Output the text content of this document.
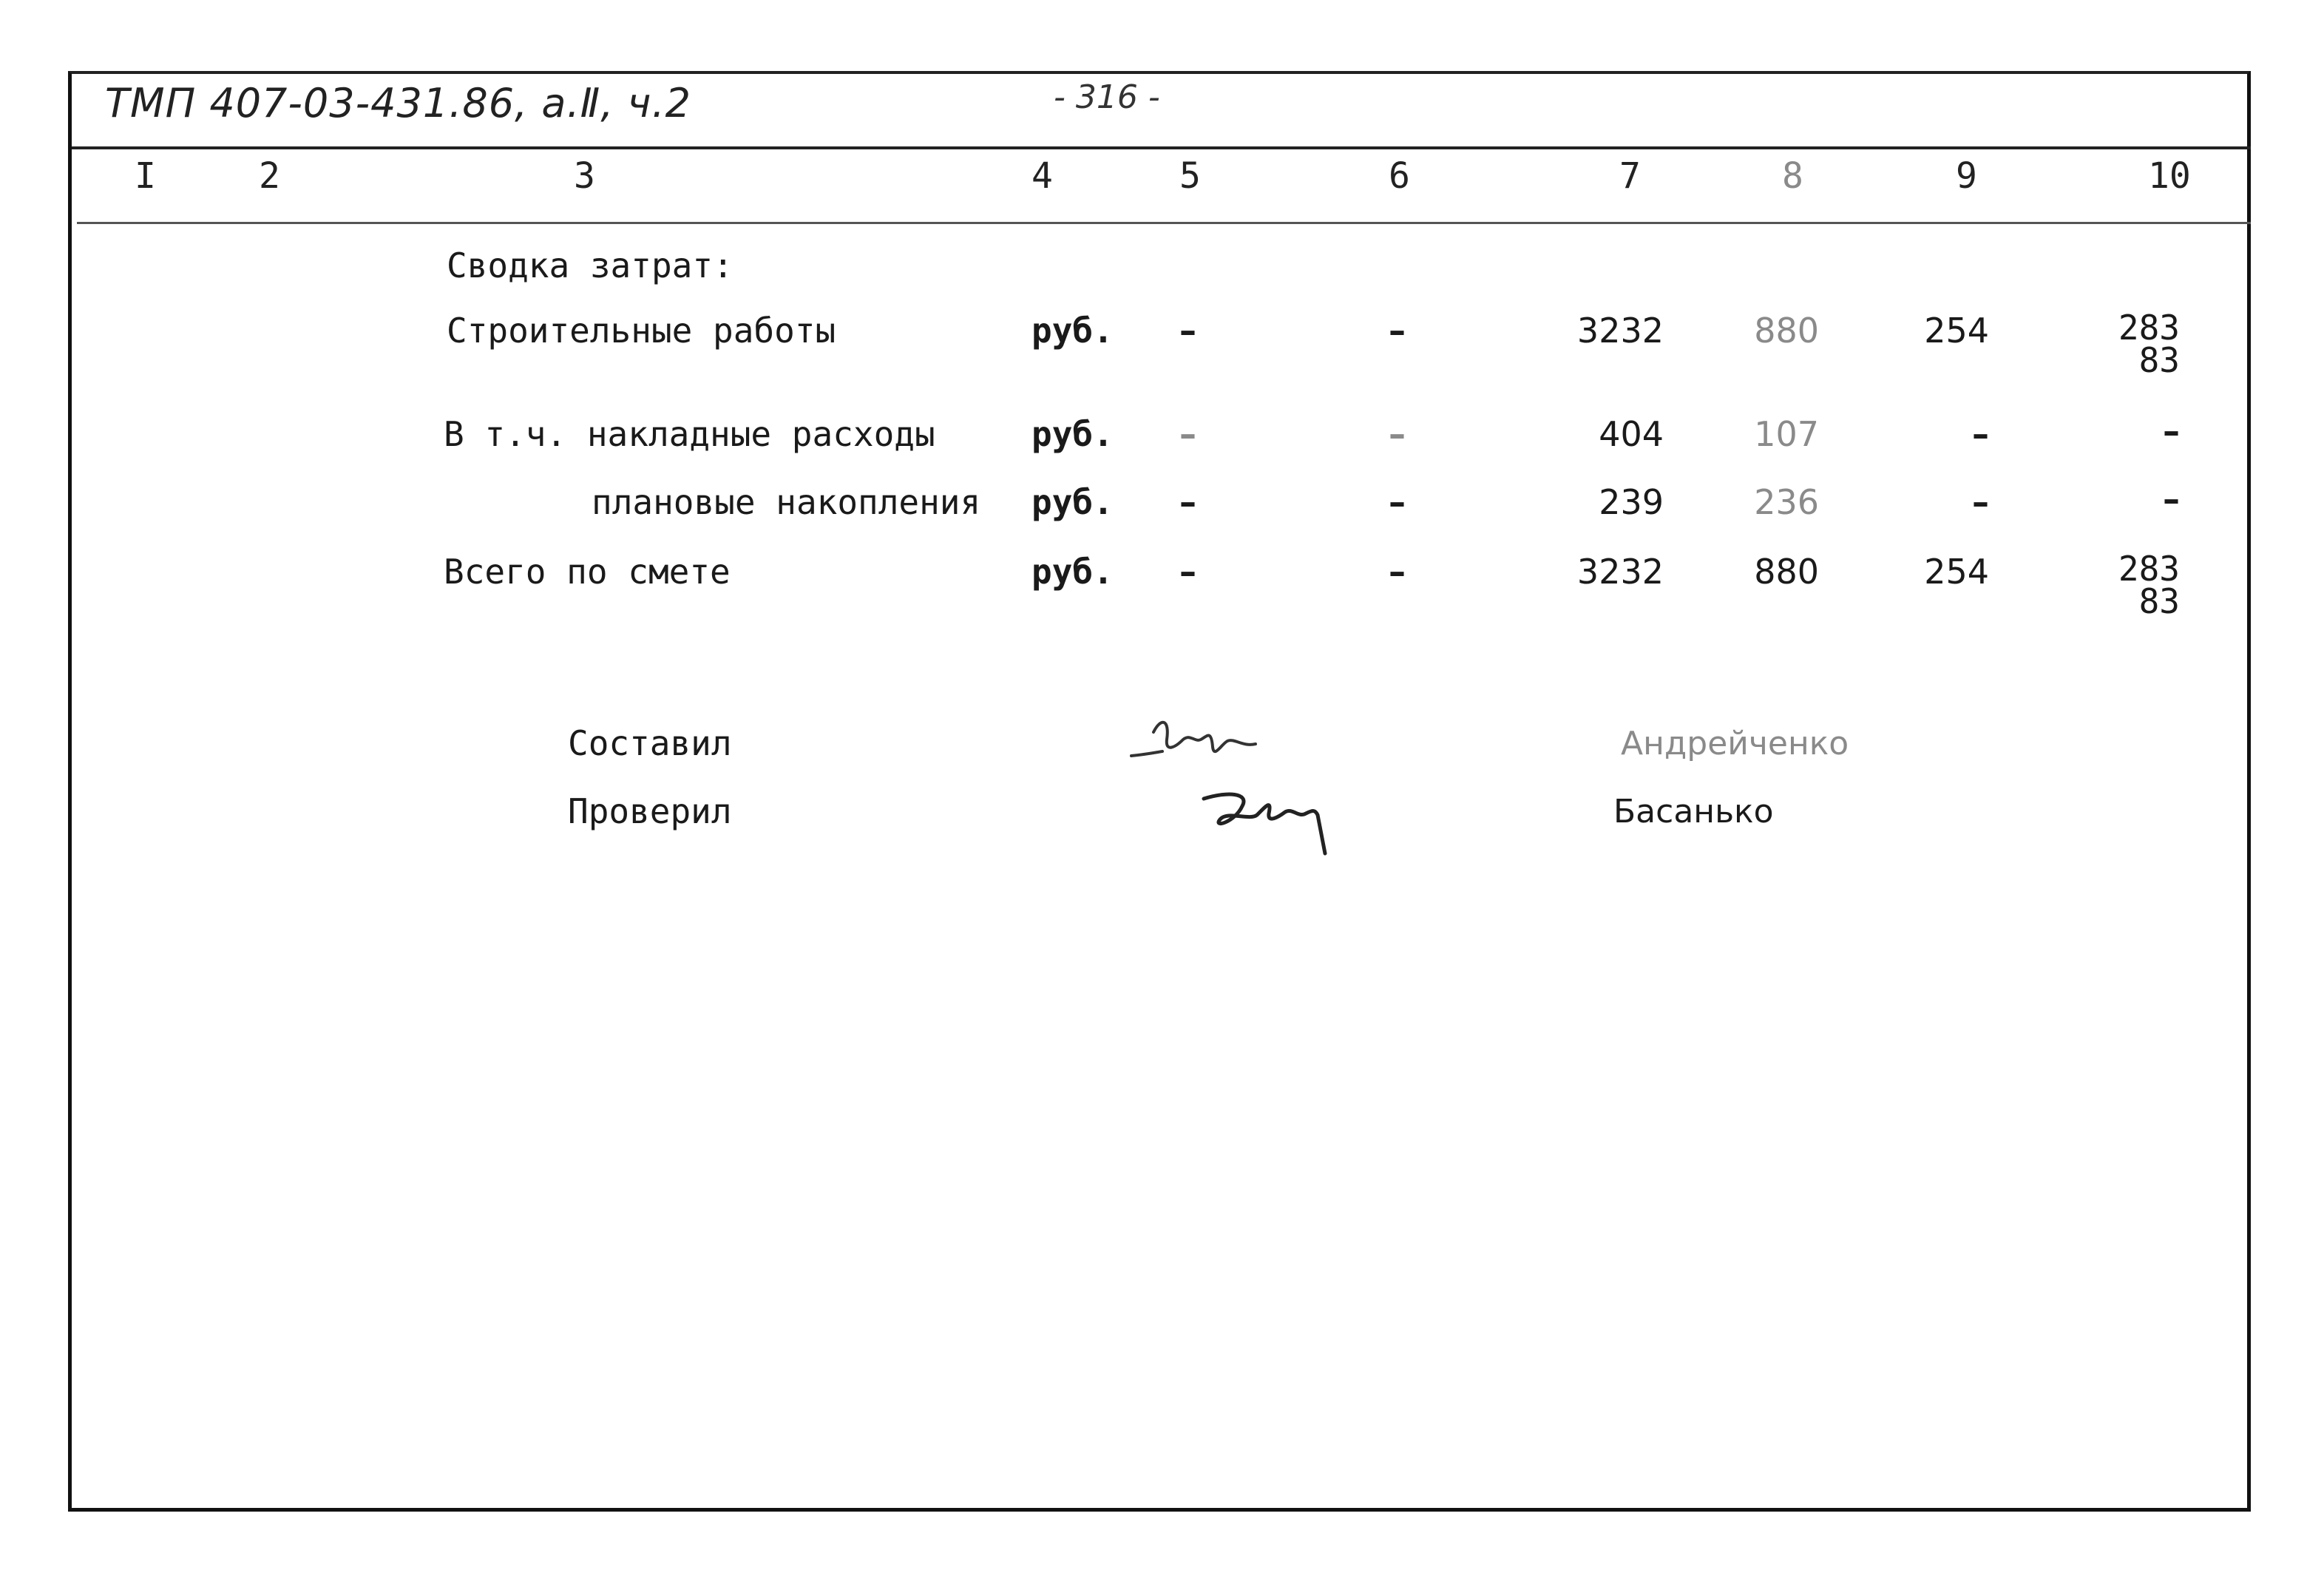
ТМП 407-03-431.86, а.Ⅱ, ч.2	- 316 -
I	2	3	4	5	6	7	8	9	10
Сводка затрат:
Строительные работы	руб. –	–	3232	880	254	283
83
В т.ч. накладные расходы	руб. –	–	404	107	–	–
плановые накопления руб. –	–	239	236	–	–
Всего по смете	руб. –	–	3232	880	254	283
83
Составил
Проверил
Андрейченко
Басанько
